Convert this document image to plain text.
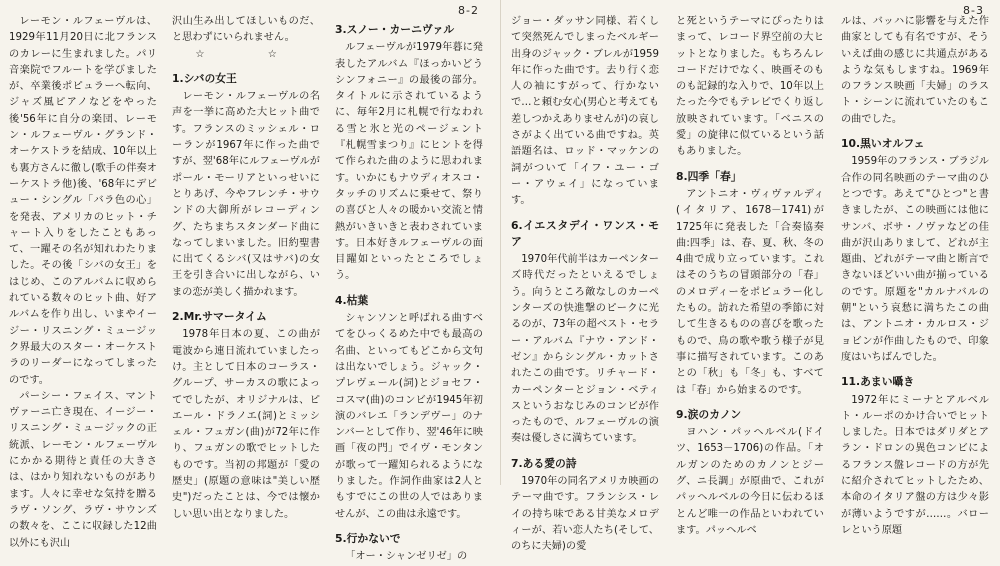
8-2

レーモン・ルフェーヴルは、1929年11月20日に北フランスのカレーに生まれました。パリ音楽院でフルートを学びましたが、卒業後ポピュラーへ転向、ジャズ風ピアノなどをやった後'56年に自分の楽団、レーモン・ルフェーヴル・グランド・オーケストラを結成、10年以上も裏方さんに徹し(歌手の伴奏オーケストラ他)後、'68年にデビュー・シングル「バラ色の心」を発表、アメリカのヒット・チャート入りをしたこともあって、一躍その名が知れわたりました。その後「シバの女王」をはじめ、このアルバムに収められている数々のヒット曲、好アルバムを作り出し、いまやイージー・リスニング・ミュージック界最大のスター・オーケストラのリーダーになってしまったのです。

パーシー・フェイス、マントヴァーニ亡き現在、イージー・リスニング・ミュージックの正統派、レーモン・ルフェーヴルにかかる期待と責任の大きさは、はかり知れないものがあります。人々に幸せな気持を贈るラヴ・ソング、ラヴ・サウンズの数々を、ここに収録した12曲以外にも沢山

沢山生み出してほしいものだ、と思わずにいられません。

☆ ☆

1.シバの女王

レーモン・ルフェーヴルの名声を一挙に高めた大ヒット曲です。フランスのミッシェル・ローランが1967年に作った曲ですが、翌'68年にルフェーヴルがポール・モーリアといっせいにとりあげ、今やフレンチ・サウンドの大御所がレコーディング、たちまちスタンダード曲になってしまいました。旧約聖書に出てくるシバ(又はサバ)の女王を引き合いに出しながら、いまの恋が美しく描かれます。

2.Mr.サマータイム

1978年日本の夏、この曲が電波から連日流れていましたっけ。主として日本のコーラス・グループ、サーカスの歌によってでしたが、オリジナルは、ピエール・ドラノエ(詞)とミッシェル・フュガン(曲)が72年に作り、フュガンの歌でヒットしたものです。当初の邦題が「愛の歴史」(原題の意味は"美しい歴史")だったことは、今では懐かしい思い出となりました。

3.スノー・カーニヴァル

ルフェーヴルが1979年暮に発表したアルバム『ほっかいどうシンフォニー』の最後の部分。タイトルに示されているように、毎年2月に札幌で行なわれる雪と氷と光のページェント『札幌雪まつり』にヒントを得て作られた曲のように思われます。いかにもナウディオスコ・タッチのリズムに乗せて、祭りの喜びと人々の暖かい交流と情熱がいきいきと表わされています。日本好きルフェーヴルの面目躍如といったところでしょう。

4.枯葉

シャンソンと呼ばれる曲すべてをひっくるめた中でも最高の名曲、といってもどこから文句は出ないでしょう。ジャック・プレヴェール(詞)とジョセフ・コスマ(曲)のコンビが1945年初演のバレエ「ランデヴー」のナンバーとして作り、翌'46年に映画「夜の門」でイヴ・モンタンが歌って一躍知られるようになりました。作詞作曲家は2人ともすでにこの世の人ではありませんが、この曲は永遠です。

5.行かないで

「オー・シャンゼリゼ」の

8-3

ジョー・ダッサン同様、若くして突然死んでしまったベルギー出身のジャック・ブレルが1959年に作った曲です。去り行く恋人の袖にすがって、行かないで…と頼む女心(男心と考えても差しつかえありませんが)の哀しさがよく出ている曲ですね。英語題名は、ロッド・マッケンの詞がついて「イフ・ユー・ゴー・アウェイ」になっています。

6.イエスタデイ・ワンス・モア

1970年代前半はカーペンターズ時代だったといえるでしょう。向うところ敵なしのカーペンターズの快進撃のピークに光るのが、73年の超ベスト・セラー・アルバム『ナウ・アンド・ゼン』からシングル・カットされたこの曲です。リチャード・カーペンターとジョン・ベティスというおなじみのコンビが作ったもので、ルフェーヴルの演奏は優しさに満ちています。

7.ある愛の詩

1970年の同名アメリカ映画のテーマ曲です。フランシス・レイの持ち味である甘美なメロディーが、若い恋人たち(そして、のちに夫婦)の愛

と死というテーマにぴったりはまって、レコード界空前の大ヒットとなりました。もちろんレコードだけでなく、映画そのものも記録的な入りで、10年以上たった今でもテレビでくり返し放映されています。「ベニスの愛」の旋律に似ているという話もありました。

8.四季「春」

アントニオ・ヴィヴァルディ(イタリア、1678－1741)が1725年に発表した「合奏協奏曲:四季」は、春、夏、秋、冬の4曲で成り立っています。これはそのうちの冒頭部分の「春」のメロディーをポピュラー化したもの。訪れた希望の季節に対して生きるものの喜びを歌ったもので、鳥の歌や歌う様子が見事に描写されています。このあとの「秋」も「冬」も、すべては「春」から始まるのです。

9.涙のカノン

ヨハン・パッヘルベル(ドイツ、1653－1706)の作品。「オルガンのためのカノンとジーグ、ニ長調」が原曲で、これがパッヘルベルの今日に伝わるほとんど唯一の作品といわれています。パッヘルベ

ルは、バッハに影響を与えた作曲家としても有名ですが、そういえば曲の感じに共通点があるような気もしますね。1969年のフランス映画「夫婦」のラスト・シーンに流れていたのもこの曲でした。

10.黒いオルフェ

1959年のフランス・ブラジル合作の同名映画のテーマ曲のひとつです。あえて"ひとつ"と書きましたが、この映画には他にサンバ、ボサ・ノヴァなどの佳曲が沢山ありまして、どれが主題曲、どれがテーマ曲と断言できないほどいい曲が揃っているのです。原題を"カルナバルの朝"という哀愁に満ちたこの曲は、アントニオ・カルロス・ジョビンが作曲したもので、印象度はいちばんでした。

11.あまい囁き

1972年にミーナとアルベルト・ルーポのかけ合いでヒットしました。日本ではダリダとアラン・ドロンの異色コンビによるフランス盤レコードの方が先に紹介されてヒットしたため、本命のイタリア盤の方は少々影が薄いようですが……。バローレという原題
